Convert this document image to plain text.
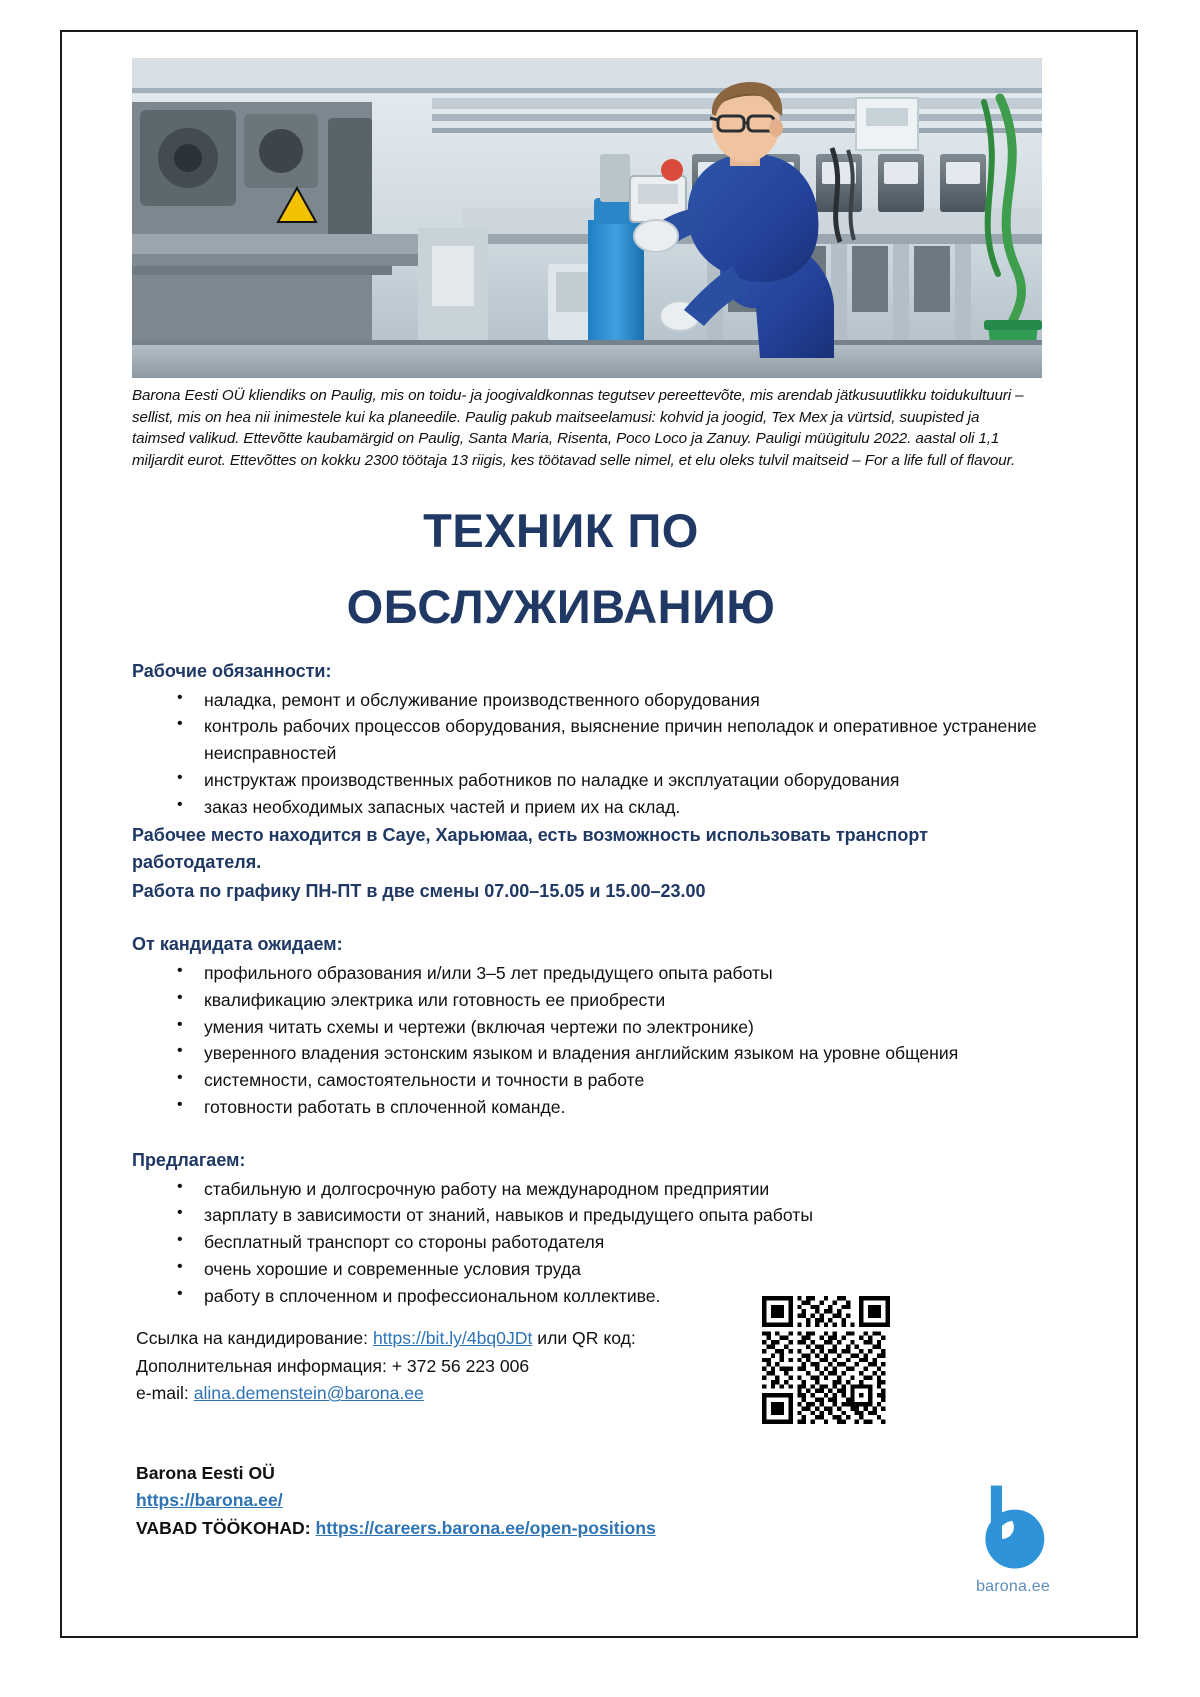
Barona Eesti OÜ kliendiks on Paulig, mis on toidu- ja joogivaldkonnas tegutsev pereettevõte, mis arendab jätkusuutlikku toidukultuuri – sellist, mis on hea nii inimestele kui ka planeedile. Paulig pakub maitseelamusi: kohvid ja joogid, Tex Mex ja vürtsid, suupisted ja taimsed valikud. Ettevõtte kaubamärgid on Paulig, Santa Maria, Risenta, Poco Loco ja Zanuy. Pauligi müügitulu 2022. aastal oli 1,1 miljardit eurot. Ettevõttes on kokku 2300 töötaja 13 riigis, kes töötavad selle nimel, et elu oleks tulvil maitseid – For a life full of flavour.

ТЕХНИК ПО
ОБСЛУЖИВАНИЮ
Рабочие обязанности:
• наладка, ремонт и обслуживание производственного оборудования
• контроль рабочих процессов оборудования, выяснение причин неполадок и оперативное устранение неисправностей
• инструктаж производственных работников по наладке и эксплуатации оборудования
• заказ необходимых запасных частей и прием их на склад.
Рабочее место находится в Сауе, Харьюмаа, есть возможность использовать транспорт работодателя.
Работа по графику ПН-ПТ в две смены 07.00–15.05 и 15.00–23.00
От кандидата ожидаем:
• профильного образования и/или 3–5 лет предыдущего опыта работы
• квалификацию электрика или готовность ее приобрести
• умения читать схемы и чертежи (включая чертежи по электронике)
• уверенного владения эстонским языком и владения английским языком на уровне общения
• системности, самостоятельности и точности в работе
• готовности работать в сплоченной команде.
Предлагаем:
• стабильную и долгосрочную работу на международном предприятии
• зарплату в зависимости от знаний, навыков и предыдущего опыта работы
• бесплатный транспорт со стороны работодателя
• очень хорошие и современные условия труда
• работу в сплоченном и профессиональном коллективе.
Ссылка на кандидирование: https://bit.ly/4bq0JDt или QR код:
Дополнительная информация: + 372 56 223 006
e-mail: alina.demenstein@barona.ee
Barona Eesti OÜ
https://barona.ee/
VABAD TÖÖKOHAD: https://careers.barona.ee/open-positions
barona.ee
